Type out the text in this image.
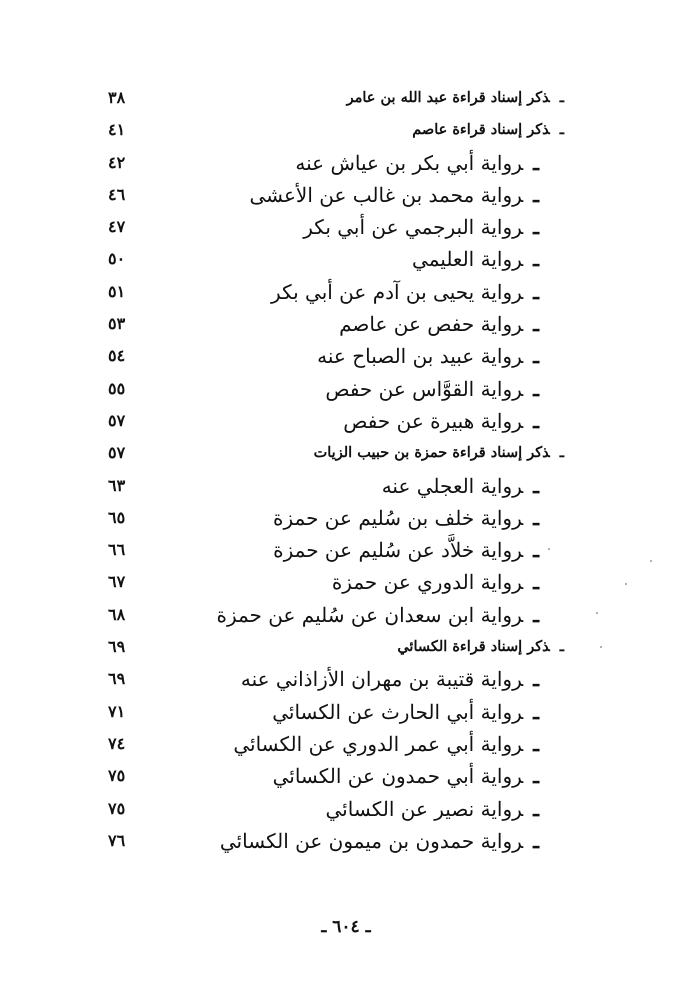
ـذكر إسناد قراءة عبد الله بن عامر
٣٨
ـذكر إسناد قراءة عاصم
٤١
ـرواية أبي بكر بن عياش عنه
٤٢
ـرواية محمد بن غالب عن الأعشى
٤٦
ـرواية البرجمي عن أبي بكر
٤٧
ـرواية العليمي
٥٠
ـرواية يحيى بن آدم عن أبي بكر
٥١
ـرواية حفص عن عاصم
٥٣
ـرواية عبيد بن الصباح عنه
٥٤
ـرواية القوَّاس عن حفص
٥٥
ـرواية هبيرة عن حفص
٥٧
ـذكر إسناد قراءة حمزة بن حبيب الزيات
٥٧
ـرواية العجلي عنه
٦٣
ـرواية خلف بن سُليم عن حمزة
٦٥
ـرواية خلاَّد عن سُليم عن حمزة
٦٦
ـرواية الدوري عن حمزة
٦٧
ـرواية ابن سعدان عن سُليم عن حمزة
٦٨
ـذكر إسناد قراءة الكسائي
٦٩
ـرواية قتيبة بن مهران الأزاذاني عنه
٦٩
ـرواية أبي الحارث عن الكسائي
٧١
ـرواية أبي عمر الدوري عن الكسائي
٧٤
ـرواية أبي حمدون عن الكسائي
٧٥
ـرواية نصير عن الكسائي
٧٥
ـرواية حمدون بن ميمون عن الكسائي
٧٦
ـ ٦٠٤ ـ
